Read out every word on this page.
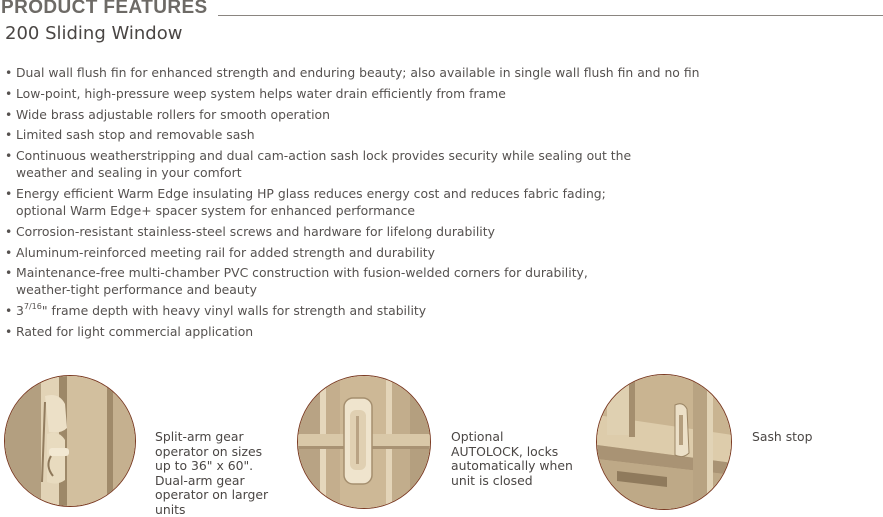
PRODUCT FEATURES
200 Sliding Window
• Dual wall flush fin for enhanced strength and enduring beauty; also available in single wall flush fin and no fin
• Low-point, high-pressure weep system helps water drain efficiently from frame
• Wide brass adjustable rollers for smooth operation
• Limited sash stop and removable sash
• Continuous weatherstripping and dual cam-action sash lock provides security while sealing out the
weather and sealing in your comfort
• Energy efficient Warm Edge insulating HP glass reduces energy cost and reduces fabric fading;
optional Warm Edge+ spacer system for enhanced performance
• Corrosion-resistant stainless-steel screws and hardware for lifelong durability
• Aluminum-reinforced meeting rail for added strength and durability
• Maintenance-free multi-chamber PVC construction with fusion-welded corners for durability,
weather-tight performance and beauty
• $3^{7/16}$" frame depth with heavy vinyl walls for strength and stability
• Rated for light commercial application
Split-arm gear
operator on sizes
up to 36" x 60".
Dual-arm gear
operator on larger
units
Optional
AUTOLOCK, locks
automatically when
unit is closed
Sash stop
